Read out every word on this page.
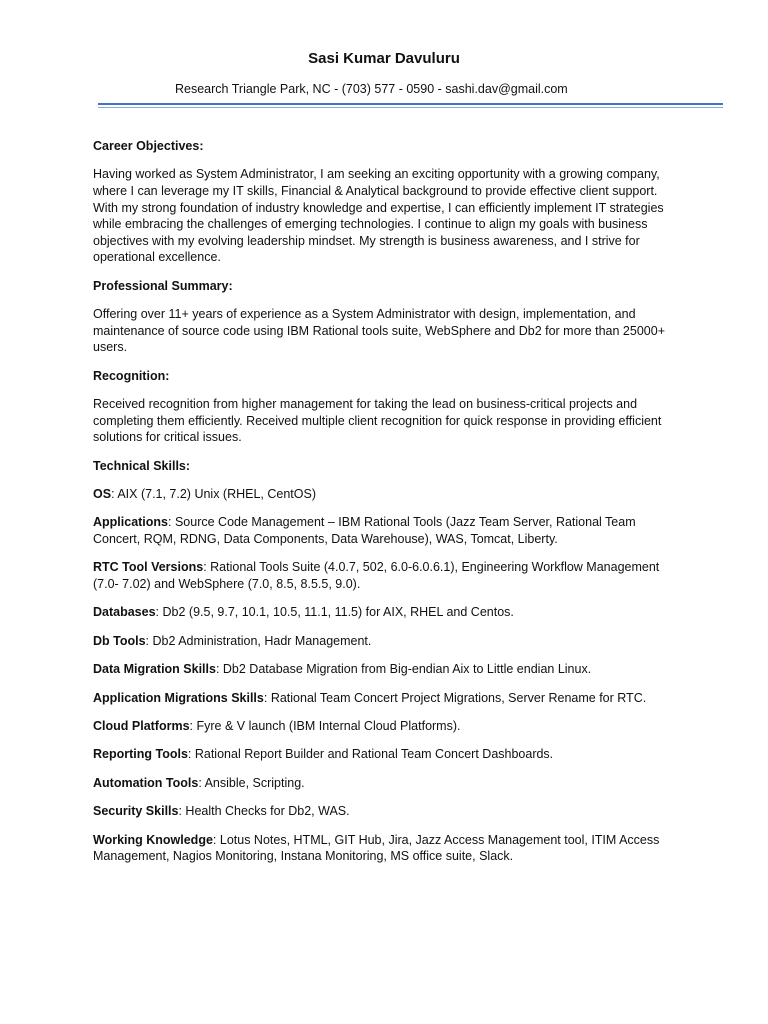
Sasi Kumar Davuluru
Research Triangle Park, NC - (703) 577 - 0590 - sashi.dav@gmail.com
Career Objectives:
Having worked as System Administrator, I am seeking an exciting opportunity with a growing company, where I can leverage my IT skills, Financial & Analytical background to provide effective client support. With my strong foundation of industry knowledge and expertise, I can efficiently implement IT strategies while embracing the challenges of emerging technologies. I continue to align my goals with business objectives with my evolving leadership mindset. My strength is business awareness, and I strive for operational excellence.
Professional Summary:
Offering over 11+ years of experience as a System Administrator with design, implementation, and maintenance of source code using IBM Rational tools suite, WebSphere and Db2 for more than 25000+ users.
Recognition:
Received recognition from higher management for taking the lead on business-critical projects and completing them efficiently. Received multiple client recognition for quick response in providing efficient solutions for critical issues.
Technical Skills:
OS: AIX (7.1, 7.2) Unix (RHEL, CentOS)
Applications: Source Code Management – IBM Rational Tools (Jazz Team Server, Rational Team Concert, RQM, RDNG, Data Components, Data Warehouse), WAS, Tomcat, Liberty.
RTC Tool Versions: Rational Tools Suite (4.0.7, 502, 6.0-6.0.6.1), Engineering Workflow Management (7.0- 7.02) and WebSphere (7.0, 8.5, 8.5.5, 9.0).
Databases: Db2 (9.5, 9.7, 10.1, 10.5, 11.1, 11.5) for AIX, RHEL and Centos.
Db Tools: Db2 Administration, Hadr Management.
Data Migration Skills: Db2 Database Migration from Big-endian Aix to Little endian Linux.
Application Migrations Skills: Rational Team Concert Project Migrations, Server Rename for RTC.
Cloud Platforms: Fyre & V launch (IBM Internal Cloud Platforms).
Reporting Tools: Rational Report Builder and Rational Team Concert Dashboards.
Automation Tools: Ansible, Scripting.
Security Skills: Health Checks for Db2, WAS.
Working Knowledge: Lotus Notes, HTML, GIT Hub, Jira, Jazz Access Management tool, ITIM Access Management, Nagios Monitoring, Instana Monitoring, MS office suite, Slack.
